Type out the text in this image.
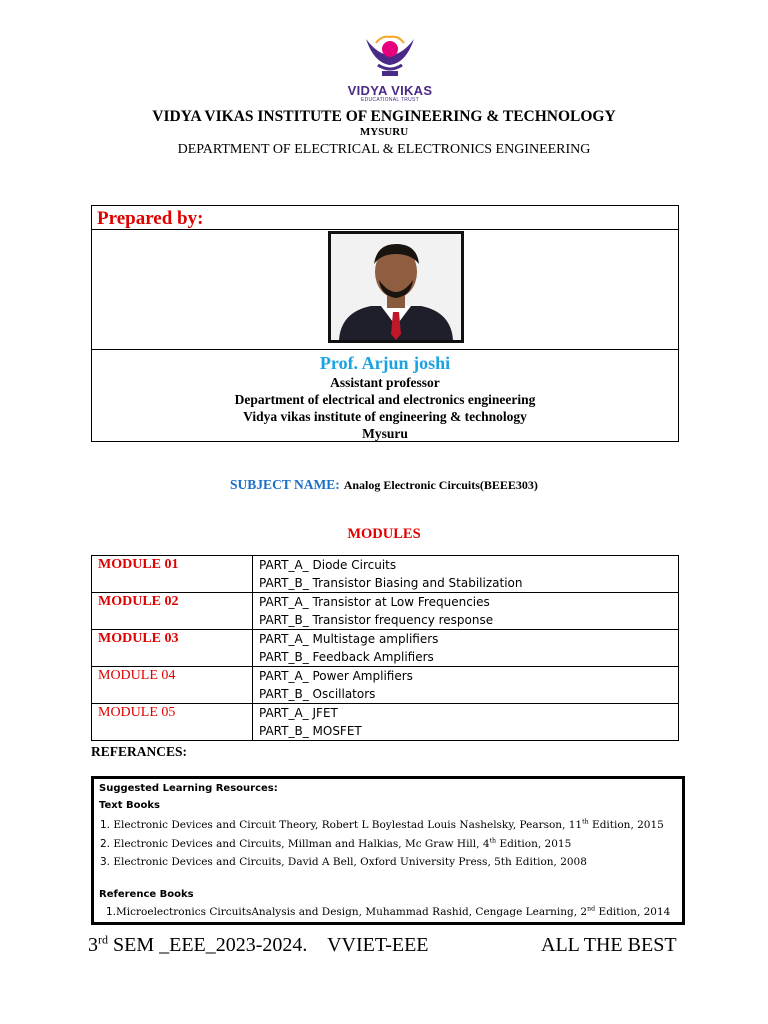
VIDYA VIKAS
EDUCATIONAL TRUST
VIDYA VIKAS INSTITUTE OF ENGINEERING & TECHNOLOGY
MYSURU
DEPARTMENT OF ELECTRICAL & ELECTRONICS ENGINEERING
Prepared by:
Prof. Arjun joshi
Assistant professor
Department of electrical and electronics engineering
Vidya vikas institute of engineering & technology
Mysuru
SUBJECT NAME: Analog Electronic Circuits(BEEE303)
MODULES
MODULE 01	PART_A_ Diode Circuits
PART_B_ Transistor Biasing and Stabilization

MODULE 02	PART_A_ Transistor at Low Frequencies
PART_B_ Transistor frequency response

MODULE 03	PART_A_ Multistage amplifiers
PART_B_ Feedback Amplifiers

MODULE 04	PART_A_ Power Amplifiers
PART_B_ Oscillators

MODULE 05	PART_A_ JFET
PART_B_ MOSFET
REFERANCES:
Suggested Learning Resources:
Text Books
1. Electronic Devices and Circuit Theory, Robert L Boylestad Louis Nashelsky, Pearson, 11th Edition, 2015
2. Electronic Devices and Circuits, Millman and Halkias, Mc Graw Hill, 4th Edition, 2015
3. Electronic Devices and Circuits, David A Bell, Oxford University Press, 5th Edition, 2008
Reference Books
1.Microelectronics CircuitsAnalysis and Design, Muhammad Rashid, Cengage Learning, 2nd Edition, 2014
3rd SEM _EEE_2023-2024.    VVIET-EEE	ALL THE BEST
